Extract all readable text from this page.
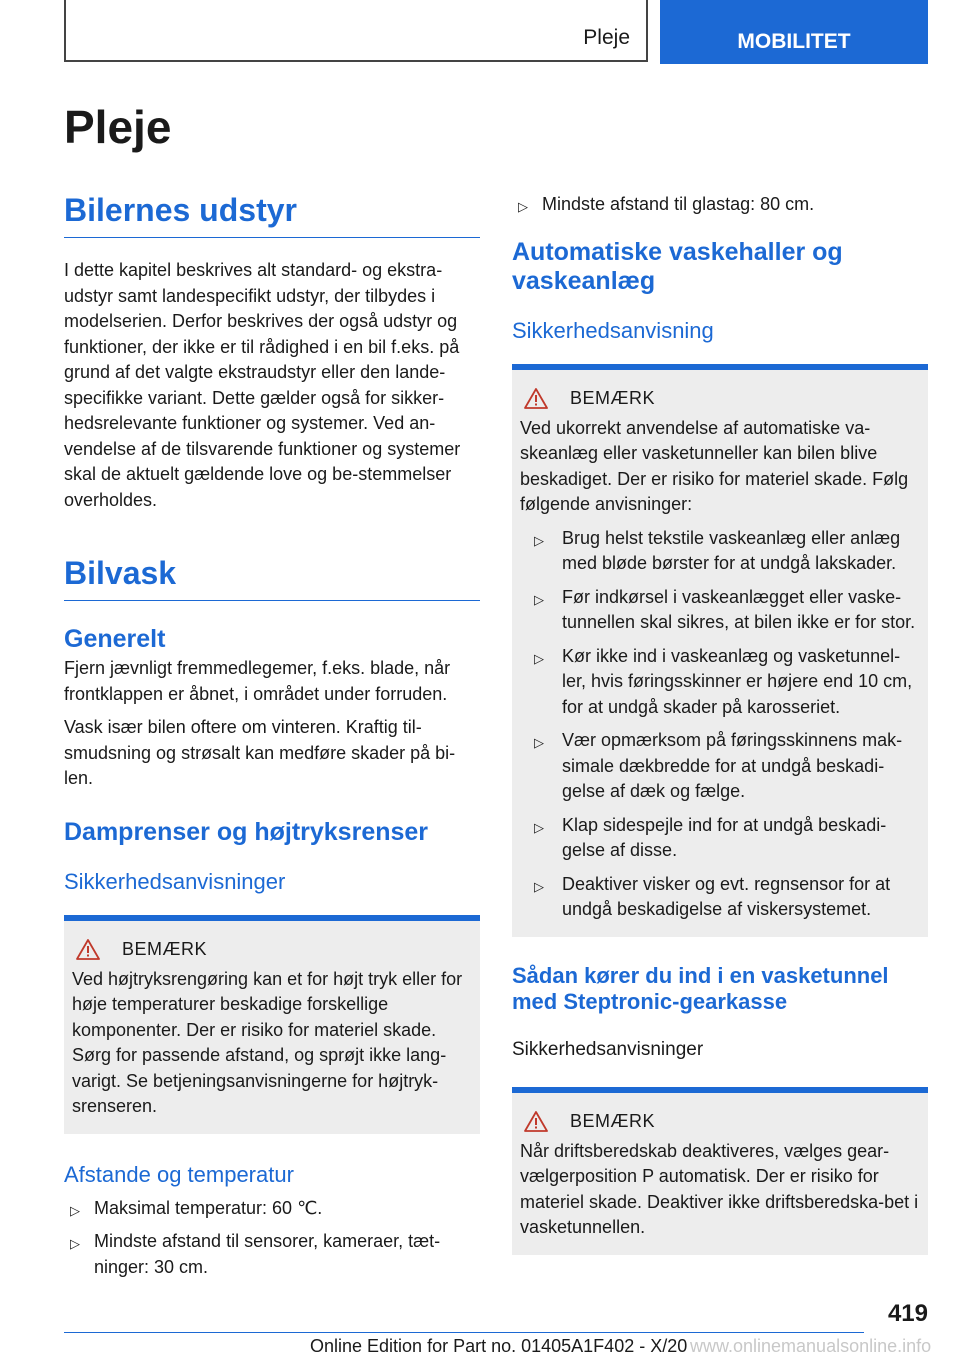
Pleje	MOBILITET
Pleje
Bilernes udstyr

I dette kapitel beskrives alt standard- og ekstra-udstyr samt landespecifikt udstyr, der tilbydes i modelserien. Derfor beskrives der også udstyr og funktioner, der ikke er til rådighed i en bil f.eks. på grund af det valgte ekstraudstyr eller den lande-specifikke variant. Dette gælder også for sikker-hedsrelevante funktioner og systemer. Ved an-vendelse af de tilsvarende funktioner og systemer skal de aktuelt gældende love og be-stemmelser overholdes.

Bilvask
Generelt

Fjern jævnligt fremmedlegemer, f.eks. blade, når frontklappen er åbnet, i området under forruden.

Vask især bilen oftere om vinteren. Kraftig til-smudsning og strøsalt kan medføre skader på bi-len.

Damprenser og højtryksrenser
Sikkerhedsanvisninger
BEMÆRK

Ved højtryksrengøring kan et for højt tryk eller for høje temperaturer beskadige forskellige komponenter. Der er risiko for materiel skade. Sørg for passende afstand, og sprøjt ikke lang-varigt. Se betjeningsanvisningerne for højtryk-srenseren.

Afstande og temperatur
▷ Maksimal temperatur: 60 ℃.
▷ Mindste afstand til sensorer, kameraer, tæt-ninger: 30 cm.
▷ Mindste afstand til glastag: 80 cm.
Automatiske vaskehaller og vaskeanlæg
Sikkerhedsanvisning
BEMÆRK

Ved ukorrekt anvendelse af automatiske va-skeanlæg eller vasketunneller kan bilen blive beskadiget. Der er risiko for materiel skade. Følg følgende anvisninger:

▷ Brug helst tekstile vaskeanlæg eller anlæg med bløde børster for at undgå lakskader.
▷ Før indkørsel i vaskeanlægget eller vaske-tunnellen skal sikres, at bilen ikke er for stor.
▷ Kør ikke ind i vaskeanlæg og vasketunnel-ler, hvis føringsskinner er højere end 10 cm, for at undgå skader på karosseriet.
▷ Vær opmærksom på føringsskinnens mak-simale dækbredde for at undgå beskadi-gelse af dæk og fælge.
▷ Klap sidespejle ind for at undgå beskadi-gelse af disse.
▷ Deaktiver visker og evt. regnsensor for at undgå beskadigelse af viskersystemet.
Sådan kører du ind i en vasketunnel med Steptronic-gearkasse
Sikkerhedsanvisninger
BEMÆRK

Når driftsberedskab deaktiveres, vælges gear-vælgerposition P automatisk. Der er risiko for materiel skade. Deaktiver ikke driftsberedska-bet i vasketunnellen.

419
Online Edition for Part no. 01405A1F402 - X/20 www.onlinemanualsonline.info
